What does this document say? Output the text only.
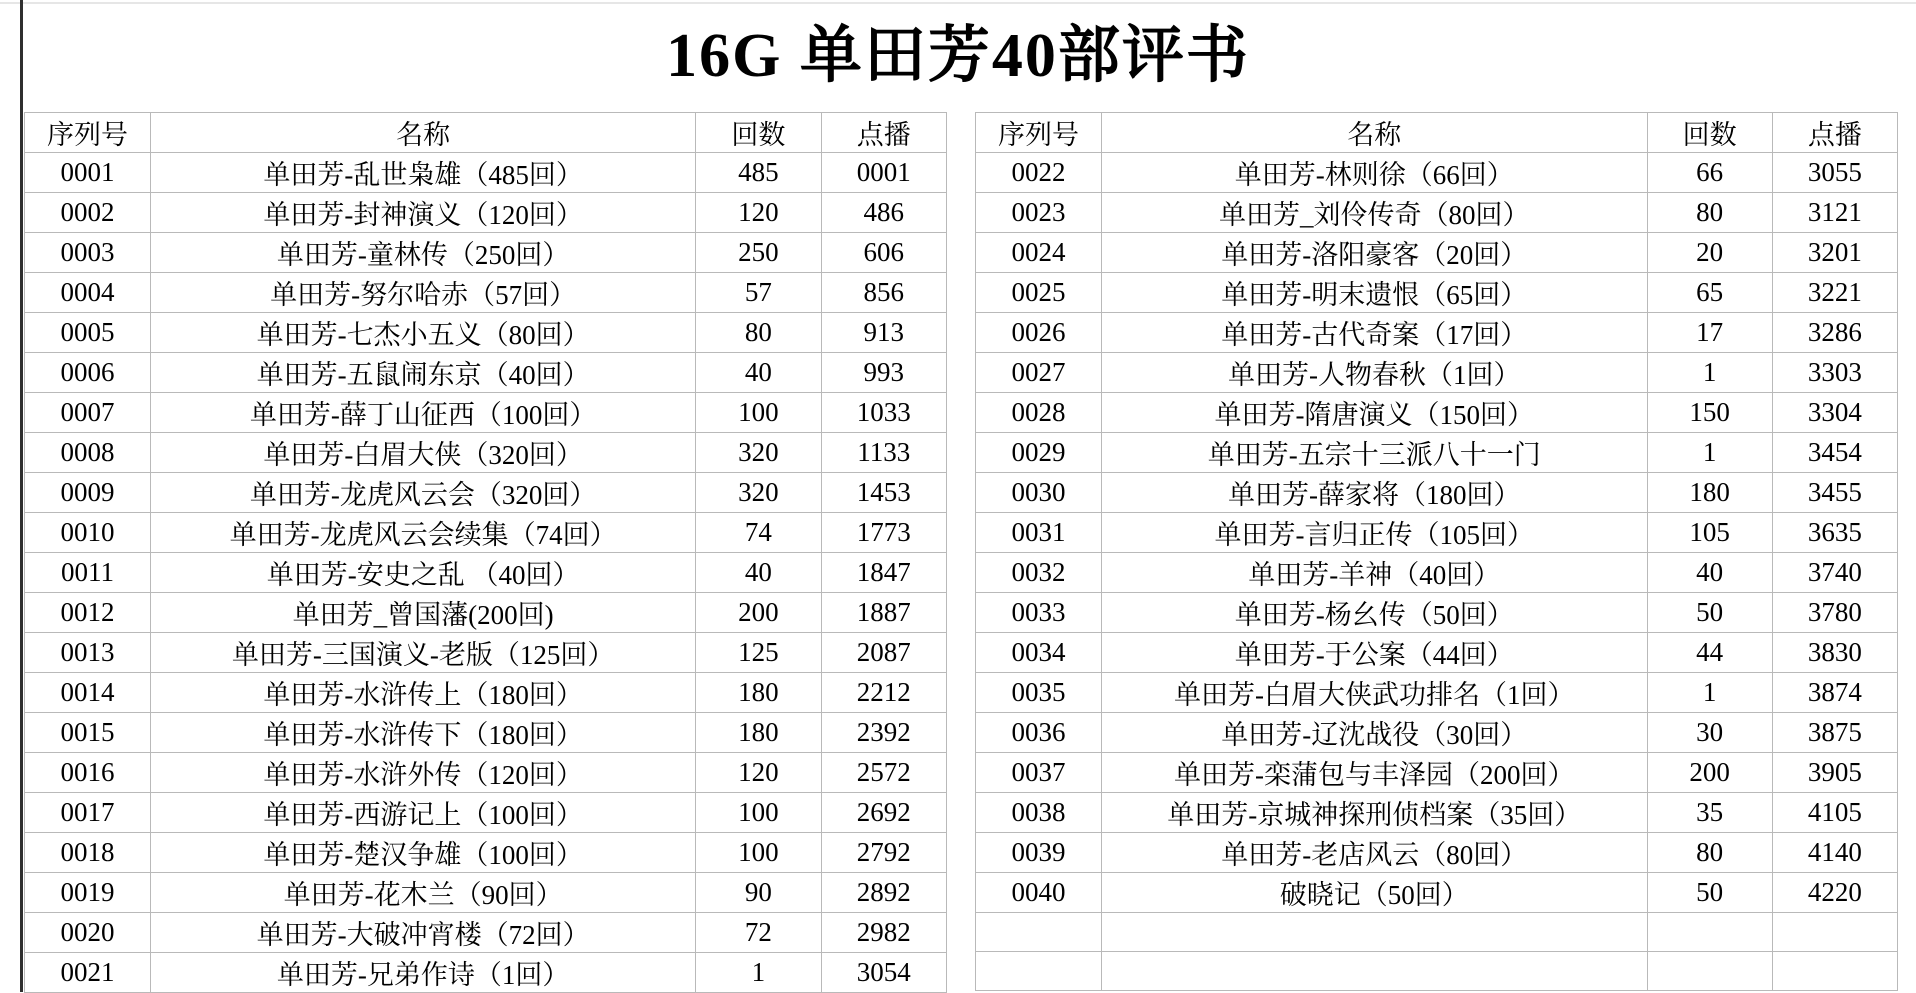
16G 单田芳40部评书
序列号	名称	回数	点播
0001	单田芳-乱世枭雄（485回）	485	0001
0002	单田芳-封神演义（120回）	120	486
0003	单田芳-童林传（250回）	250	606
0004	单田芳-努尔哈赤（57回）	57	856
0005	单田芳-七杰小五义（80回）	80	913
0006	单田芳-五鼠闹东京（40回）	40	993
0007	单田芳-薛丁山征西（100回）	100	1033
0008	单田芳-白眉大侠（320回）	320	1133
0009	单田芳-龙虎风云会（320回）	320	1453
0010	单田芳-龙虎风云会续集（74回）	74	1773
0011	单田芳-安史之乱 （40回）	40	1847
0012	单田芳_曾国藩(200回)	200	1887
0013	单田芳-三国演义-老版（125回）	125	2087
0014	单田芳-水浒传上（180回）	180	2212
0015	单田芳-水浒传下（180回）	180	2392
0016	单田芳-水浒外传（120回）	120	2572
0017	单田芳-西游记上（100回）	100	2692
0018	单田芳-楚汉争雄（100回）	100	2792
0019	单田芳-花木兰（90回）	90	2892
0020	单田芳-大破冲宵楼（72回）	72	2982
0021	单田芳-兄弟作诗（1回）	1	3054
序列号	名称	回数	点播
0022	单田芳-林则徐（66回）	66	3055
0023	单田芳_刘伶传奇（80回）	80	3121
0024	单田芳-洛阳豪客（20回）	20	3201
0025	单田芳-明末遗恨（65回）	65	3221
0026	单田芳-古代奇案（17回）	17	3286
0027	单田芳-人物春秋（1回）	1	3303
0028	单田芳-隋唐演义（150回）	150	3304
0029	单田芳-五宗十三派八十一门	1	3454
0030	单田芳-薛家将（180回）	180	3455
0031	单田芳-言归正传（105回）	105	3635
0032	单田芳-羊神（40回）	40	3740
0033	单田芳-杨幺传（50回）	50	3780
0034	单田芳-于公案（44回）	44	3830
0035	单田芳-白眉大侠武功排名（1回）	1	3874
0036	单田芳-辽沈战役（30回）	30	3875
0037	单田芳-栾蒲包与丰泽园（200回）	200	3905
0038	单田芳-京城神探刑侦档案（35回）	35	4105
0039	单田芳-老店风云（80回）	80	4140
0040	破晓记（50回）	50	4220
